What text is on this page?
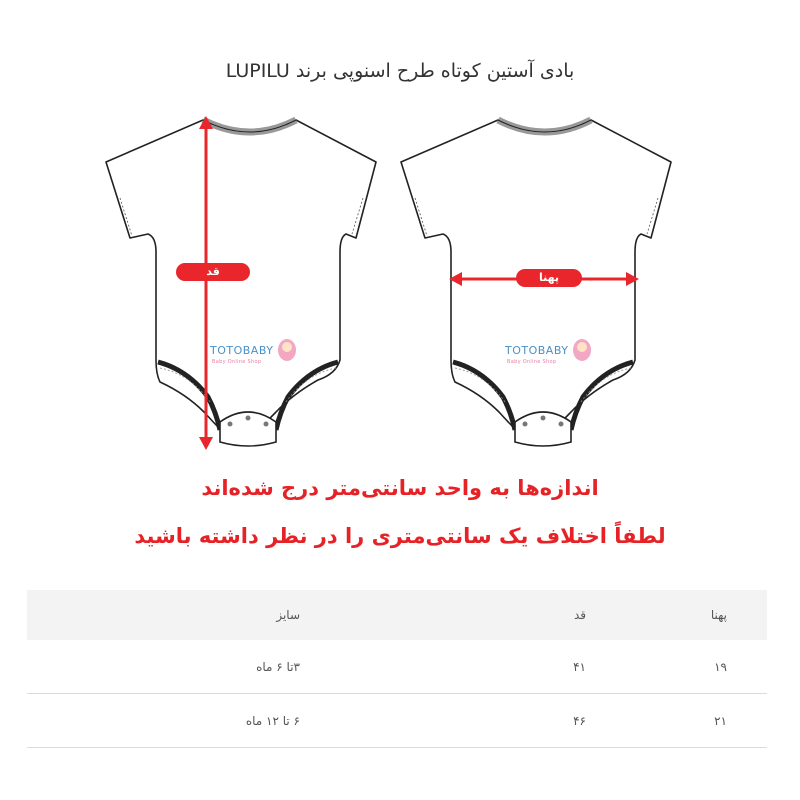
بادی آستین کوتاه طرح اسنوپی برند LUPILU
قد
TOTOBABY
Baby Online Shop
پهنا
TOTOBABY
Baby Online Shop
اندازه‌ها به واحد سانتی‌متر درج شده‌اند
لطفاً اختلاف یک سانتی‌متری را در نظر داشته باشید
پهنا	قد	سایز
۱۹	۴۱	۳تا ۶ ماه
۲۱	۴۶	۶ تا ۱۲ ماه
